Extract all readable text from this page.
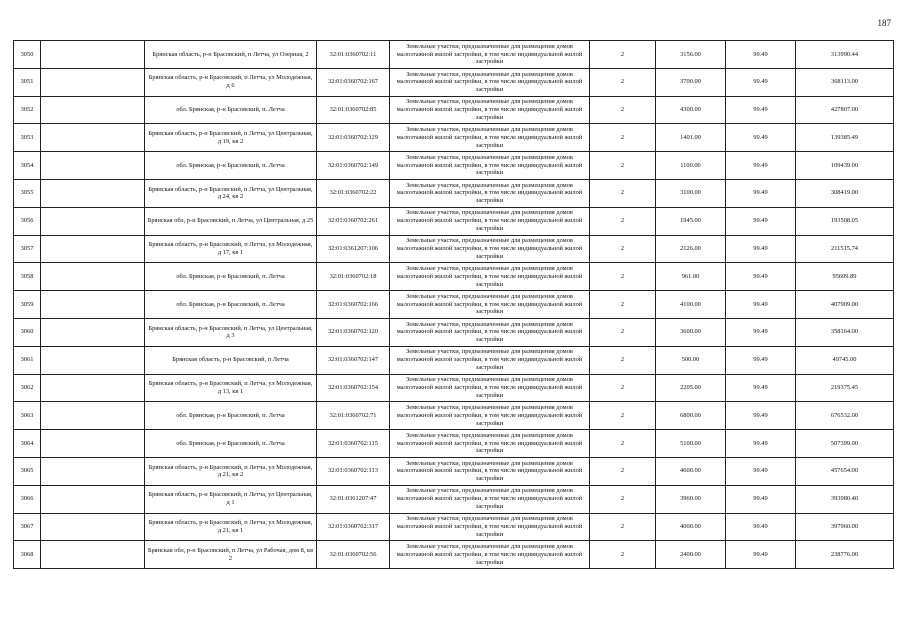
187
3050		Брянская область, р-н Брасовский, п Летча, ул Озерная, 2	32:01:0360702:11	Земельные участки, предназначенные для размещения домов малоэтажной жилой застройки, в том числе индивидуальной жилой застройки	2	3156.00	99.49	313990.44
3051		Брянская область, р-н Брасовский, п Летча, ул Молодежная, д 6	32:01:0360702:167	Земельные участки, предназначенные для размещения домов малоэтажной жилой застройки, в том числе индивидуальной жилой застройки	2	3700.00	99.49	368113.00
3052		обл. Брянская, р-н Брасовский, п. Летча	32:01:0360702:85	Земельные участки, предназначенные для размещения домов малоэтажной жилой застройки, в том числе индивидуальной жилой застройки	2	4300.00	99.49	427807.00
3053		Брянская область, р-н Брасовский, п Летча, ул Центральная, д 19, кв 2	32:01:0360702:129	Земельные участки, предназначенные для размещения домов малоэтажной жилой застройки, в том числе индивидуальной жилой застройки	2	1401.00	99.49	139385.49
3054		обл. Брянская, р-н Брасовский, п. Летча	32:01:0360702:149	Земельные участки, предназначенные для размещения домов малоэтажной жилой застройки, в том числе индивидуальной жилой застройки	2	1100.00	99.49	109439.00
3055		Брянская область, р-н Брасовский, п Летча, ул Центральная, д 24, кв 2	32:01:0360702:22	Земельные участки, предназначенные для размещения домов малоэтажной жилой застройки, в том числе индивидуальной жилой застройки	2	3100.00	99.49	308419.00
3056		Брянская обл, р-н Брасовский, п Летча, ул Центральная, д 25	32:01:0360702:261	Земельные участки, предназначенные для размещения домов малоэтажной жилой застройки, в том числе индивидуальной жилой застройки	2	1945.00	99.49	193508.05
3057		Брянская область, р-н Брасовский, п Летча, ул Молодежная, д 17, кв 1	32:01:0361207:106	Земельные участки, предназначенные для размещения домов малоэтажной жилой застройки, в том числе индивидуальной жилой застройки	2	2126.00	99.49	211515.74
3058		обл. Брянская, р-н Брасовский, п. Летча	32:01:0360702:18	Земельные участки, предназначенные для размещения домов малоэтажной жилой застройки, в том числе индивидуальной жилой застройки	2	961.00	99.49	95609.89
3059		обл. Брянская, р-н Брасовский, п. Летча	32:01:0360702:166	Земельные участки, предназначенные для размещения домов малоэтажной жилой застройки, в том числе индивидуальной жилой застройки	2	4100.00	99.49	407909.00
3060		Брянская область, р-н Брасовский, п Летча, ул Центральная, д 3	32:01:0360702:120	Земельные участки, предназначенные для размещения домов малоэтажной жилой застройки, в том числе индивидуальной жилой застройки	2	3600.00	99.49	358164.00
3061		Брянская область, р-н Брасовский, п Летча	32:01:0360702:147	Земельные участки, предназначенные для размещения домов малоэтажной жилой застройки, в том числе индивидуальной жилой застройки	2	500.00	99.49	49745.00
3062		Брянская область, р-н Брасовский, п Летча, ул Молодежная, д 13, кв 1	32:01:0360702:154	Земельные участки, предназначенные для размещения домов малоэтажной жилой застройки, в том числе индивидуальной жилой застройки	2	2205.00	99.49	219375.45
3063		обл. Брянская, р-н Брасовский, п. Летча	32:01:0360702:71	Земельные участки, предназначенные для размещения домов малоэтажной жилой застройки, в том числе индивидуальной жилой застройки	2	6800.00	99.49	676532.00
3064		обл. Брянская, р-н Брасовский, п. Летча	32:01:0360702:115	Земельные участки, предназначенные для размещения домов малоэтажной жилой застройки, в том числе индивидуальной жилой застройки	2	5100.00	99.49	507399.00
3065		Брянская область, р-н Брасовский, п Летча, ул Молодежная, д 21, кв 2	32:01:0360702:113	Земельные участки, предназначенные для размещения домов малоэтажной жилой застройки, в том числе индивидуальной жилой застройки	2	4600.00	99.49	457654.00
3066		Брянская область, р-н Брасовский, п Летча, ул Центральная, д 1	32:01:0361207:47	Земельные участки, предназначенные для размещения домов малоэтажной жилой застройки, в том числе индивидуальной жилой застройки	2	3960.00	99.49	393980.40
3067		Брянская область, р-н Брасовский, п Летча, ул Молодежная, д 21, кв 1	32:01:0360702:317	Земельные участки, предназначенные для размещения домов малоэтажной жилой застройки, в том числе индивидуальной жилой застройки	2	4000.00	99.49	397960.00
3068		Брянская обл, р-н Брасовский, п Летча, ул Рабочая, дом 8, кв 2	32:01:0360702:56	Земельные участки, предназначенные для размещения домов малоэтажной жилой застройки, в том числе индивидуальной жилой застройки	2	2400.00	99.49	238776.00
